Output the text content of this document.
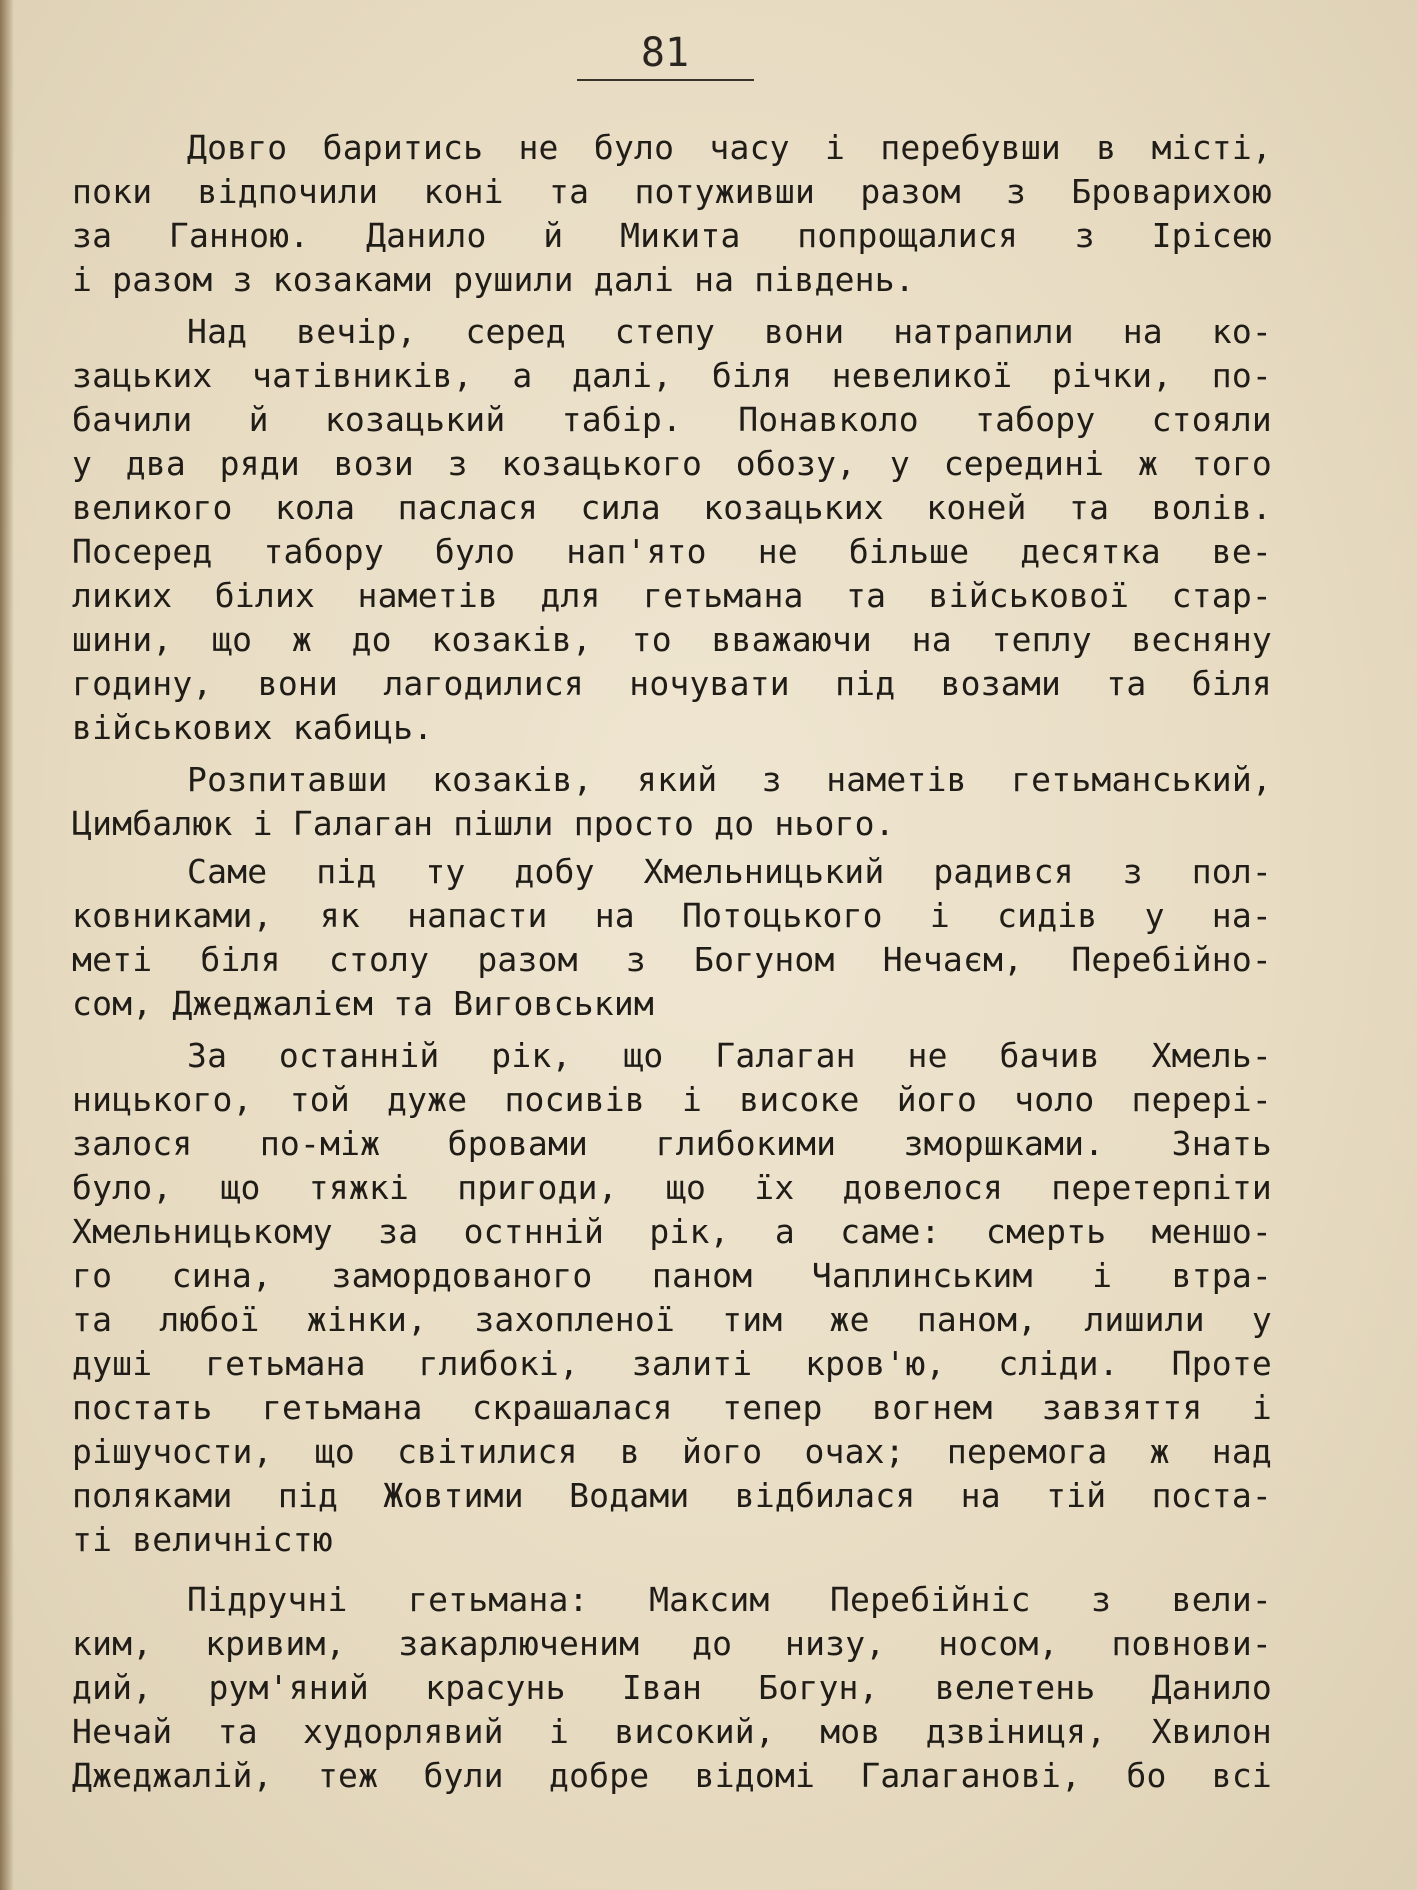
81
Довго баритись не було часу і перебувши в місті,
поки відпочили коні та потуживши разом з Броварихою
за Ганною. Данило й Микита попрощалися з Ірісею
і разом з козаками рушили далі на південь.
Над вечір, серед степу вони натрапили на ко-
зацьких чатівників, а далі, біля невеликої річки, по-
бачили й козацький табір. Понавколо табору стояли
у два ряди вози з козацького обозу, у середині ж того
великого кола паслася сила козацьких коней та волів.
Посеред табору було нап'ято не більше десятка ве-
ликих білих наметів для гетьмана та військової стар-
шини, що ж до козаків, то вважаючи на теплу весняну
годину, вони лагодилися ночувати під возами та біля
військових кабиць.
Розпитавши козаків, який з наметів гетьманський,
Цимбалюк і Галаган пішли просто до нього.
Саме під ту добу Хмельницький радився з пол-
ковниками, як напасти на Потоцького і сидів у на-
меті біля столу разом з Богуном Нечаєм, Перебійно-
сом, Джеджалієм та Виговським
За останній рік, що Галаган не бачив Хмель-
ницького, той дуже посивів і високе його чоло перері-
залося по-між бровами глибокими зморшками. Знать
було, що тяжкі пригоди, що їх довелося перетерпіти
Хмельницькому за остнній рік, а саме: смерть меншо-
го сина, замордованого паном Чаплинським і втра-
та любої жінки, захопленої тим же паном, лишили у
душі гетьмана глибокі, залиті кров'ю, сліди. Проте
постать гетьмана скрашалася тепер вогнем завзяття і
рішучости, що світилися в його очах; перемога ж над
поляками під Жовтими Водами відбилася на тій поста-
ті величністю
Підручні гетьмана: Максим Перебійніс з вели-
ким, кривим, закарлюченим до низу, носом, повнови-
дий, рум'яний красунь Іван Богун, велетень Данило
Нечай та худорлявий і високий, мов дзвіниця, Хвилон
Джеджалій, теж були добре відомі Галаганові, бо всі
